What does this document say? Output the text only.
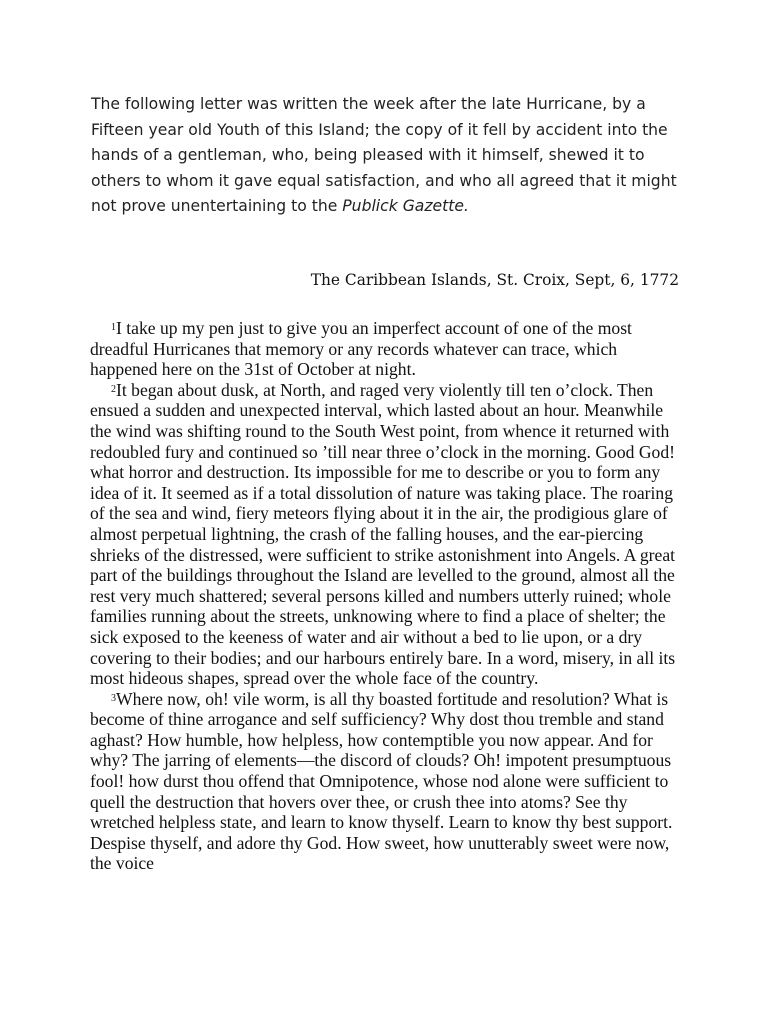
The following letter was written the week after the late Hurricane, by a Fifteen year old Youth of this Island; the copy of it fell by accident into the hands of a gentleman, who, being pleased with it himself, shewed it to others to whom it gave equal satisfaction, and who all agreed that it might not prove unentertaining to the Publick Gazette.

The Caribbean Islands, St. Croix, Sept, 6, 1772

$^1$I take up my pen just to give you an imperfect account of one of the most dreadful Hurricanes that memory or any records whatever can trace, which happened here on the 31st of October at night.

$^2$It began about dusk, at North, and raged very violently till ten o’clock. Then ensued a sudden and unexpected interval, which lasted about an hour. Meanwhile the wind was shifting round to the South West point, from whence it returned with redoubled fury and continued so ’till near three o’clock in the morning. Good God! what horror and destruction. Its impossible for me to describe or you to form any idea of it. It seemed as if a total dissolution of nature was taking place. The roaring of the sea and wind, fiery meteors flying about it in the air, the prodigious glare of almost perpetual lightning, the crash of the falling houses, and the ear-piercing shrieks of the distressed, were sufficient to strike astonishment into Angels. A great part of the buildings throughout the Island are levelled to the ground, almost all the rest very much shattered; several persons killed and numbers utterly ruined; whole families running about the streets, unknowing where to find a place of shelter; the sick exposed to the keeness of water and air without a bed to lie upon, or a dry covering to their bodies; and our harbours entirely bare. In a word, misery, in all its most hideous shapes, spread over the whole face of the country.

$^3$Where now, oh! vile worm, is all thy boasted fortitude and resolution? What is become of thine arrogance and self sufficiency? Why dost thou tremble and stand aghast? How humble, how helpless, how contemptible you now appear. And for why? The jarring of elements—the discord of clouds? Oh! impotent presumptuous fool! how durst thou offend that Omnipotence, whose nod alone were sufficient to quell the destruction that hovers over thee, or crush thee into atoms? See thy wretched helpless state, and learn to know thyself. Learn to know thy best support. Despise thyself, and adore thy God. How sweet, how unutterably sweet were now, the voice
